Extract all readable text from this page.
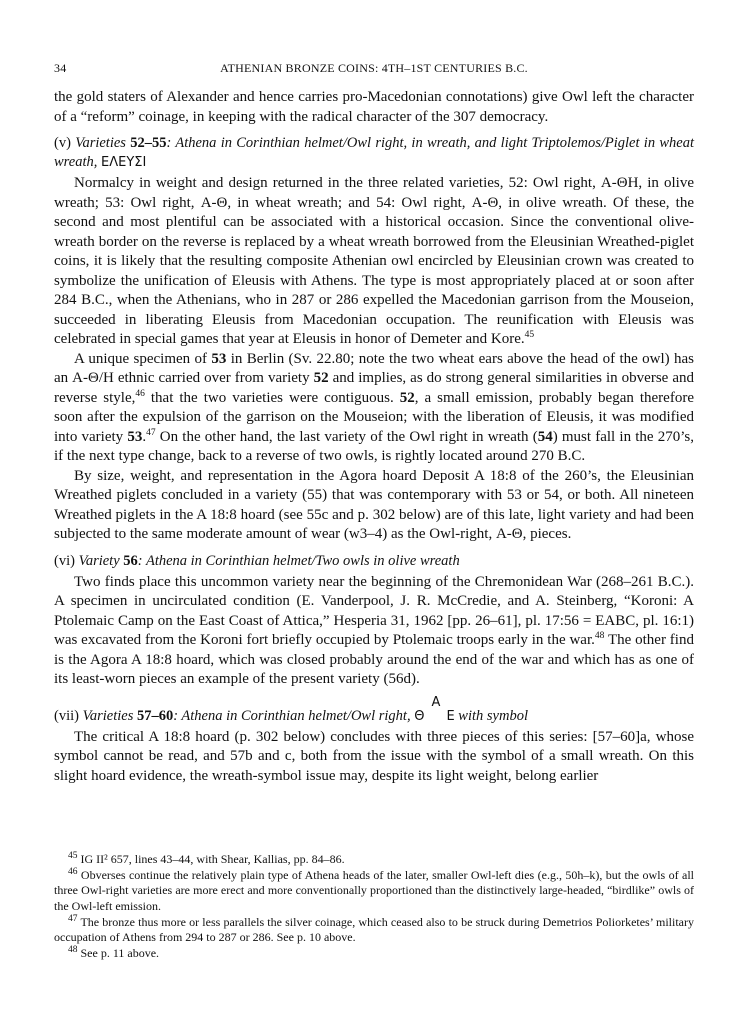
34	ATHENIAN BRONZE COINS: 4TH–1ST CENTURIES B.C.

the gold staters of Alexander and hence carries pro-Macedonian connotations) give Owl left the character of a “reform” coinage, in keeping with the radical character of the 307 democracy.

(v) Varieties 52–55: Athena in Corinthian helmet/Owl right, in wreath, and light Triptolemos/Piglet in wheat wreath, ΕΛΕΥΣΙ

Normalcy in weight and design returned in the three related varieties, 52: Owl right, Α-ΘΗ, in olive wreath; 53: Owl right, Α-Θ, in wheat wreath; and 54: Owl right, Α-Θ, in olive wreath. Of these, the second and most plentiful can be associated with a historical occasion. Since the conventional olive-wreath border on the reverse is replaced by a wheat wreath borrowed from the Eleusinian Wreathed-piglet coins, it is likely that the resulting composite Athenian owl encircled by Eleusinian crown was created to symbolize the unification of Eleusis with Athens. The type is most appropriately placed at or soon after 284 B.C., when the Athenians, who in 287 or 286 expelled the Macedonian garrison from the Mouseion, succeeded in liberating Eleusis from Macedonian occupation. The reunification with Eleusis was celebrated in special games that year at Eleusis in honor of Demeter and Kore.$^{45}$

A unique specimen of 53 in Berlin (Sv. 22.80; note the two wheat ears above the head of the owl) has an Α-Θ/Η ethnic carried over from variety 52 and implies, as do strong general similarities in obverse and reverse style,$^{46}$ that the two varieties were contiguous. 52, a small emission, probably began therefore soon after the expulsion of the garrison on the Mouseion; with the liberation of Eleusis, it was modified into variety 53.47 On the other hand, the last variety of the Owl right in wreath (54) must fall in the 270’s, if the next type change, back to a reverse of two owls, is rightly located around 270 B.C.

By size, weight, and representation in the Agora hoard Deposit A 18:8 of the 260’s, the Eleusinian Wreathed piglets concluded in a variety (55) that was contemporary with 53 or 54, or both. All nineteen Wreathed piglets in the A 18:8 hoard (see 55c and p. 302 below) are of this late, light variety and had been subjected to the same moderate amount of wear (w3–4) as the Owl-right, Α-Θ, pieces.

(vi) Variety 56: Athena in Corinthian helmet/Two owls in olive wreath

Two finds place this uncommon variety near the beginning of the Chremonidean War (268–261 B.C.). A specimen in uncirculated condition (E. Vanderpool, J. R. McCredie, and A. Steinberg, “Koroni: A Ptolemaic Camp on the East Coast of Attica,” Hesperia 31, 1962 [pp. 26–61], pl. 17:56 = EABC, pl. 16:1) was excavated from the Koroni fort briefly occupied by Ptolemaic troops early in the war.$^{48}$ The other find is the Agora A 18:8 hoard, which was closed probably around the end of the war and which has as one of its least-worn pieces an example of the present variety (56d).

(vii) Varieties 57–60: Athena in Corinthian helmet/Owl right, Θ
Α
Ε with symbol

The critical A 18:8 hoard (p. 302 below) concludes with three pieces of this series: [57–60]a, whose symbol cannot be read, and 57b and c, both from the issue with the symbol of a small wreath. On this slight hoard evidence, the wreath-symbol issue may, despite its light weight, belong earlier

$^{45}$ IG II² 657, lines 43–44, with Shear, Kallias, pp. 84–86.

$^{46}$ Obverses continue the relatively plain type of Athena heads of the later, smaller Owl-left dies (e.g., 50h–k), but the owls of all three Owl-right varieties are more erect and more conventionally proportioned than the distinctively large-headed, “birdlike” owls of the Owl-left emission.

$^{47}$ The bronze thus more or less parallels the silver coinage, which ceased also to be struck during Demetrios Poliorketes’ military occupation of Athens from 294 to 287 or 286. See p. 10 above.

$^{48}$ See p. 11 above.
